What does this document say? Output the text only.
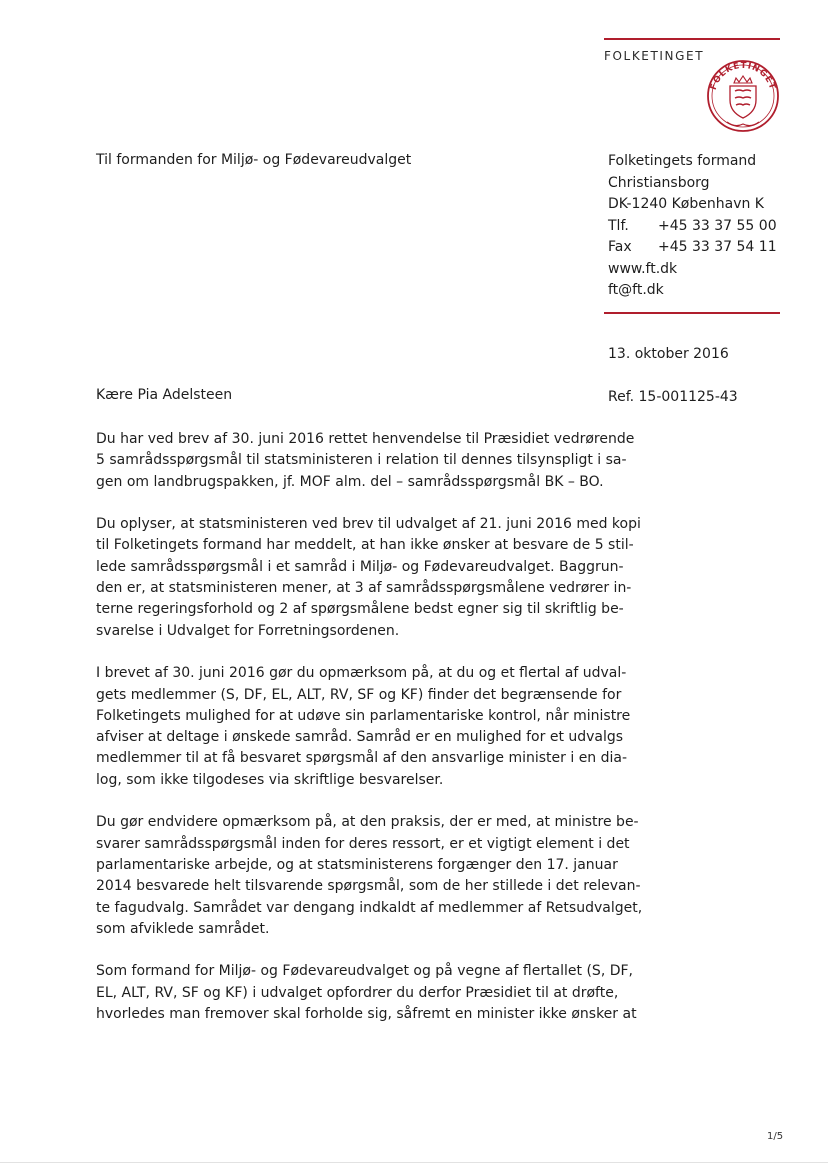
FOLKETINGET
FOLKETINGET
Til formanden for Miljø- og Fødevareudvalget	Folketingets formand
Christiansborg
DK-1240 København K
Tlf. +45 33 37 55 00
Fax +45 33 37 54 11
www.ft.dk
ft@ft.dk
13. oktober 2016
Ref. 15-001125-43
Kære Pia Adelsteen

Du har ved brev af 30. juni 2016 rettet henvendelse til Præsidiet vedrørende
5 samrådsspørgsmål til statsministeren i relation til dennes tilsynspligt i sa-
gen om landbrugspakken, jf. MOF alm. del – samrådsspørgsmål BK – BO.

Du oplyser, at statsministeren ved brev til udvalget af 21. juni 2016 med kopi
til Folketingets formand har meddelt, at han ikke ønsker at besvare de 5 stil-
lede samrådsspørgsmål i et samråd i Miljø- og Fødevareudvalget. Baggrun-
den er, at statsministeren mener, at 3 af samrådsspørgsmålene vedrører in-
terne regeringsforhold og 2 af spørgsmålene bedst egner sig til skriftlig be-
svarelse i Udvalget for Forretningsordenen.

I brevet af 30. juni 2016 gør du opmærksom på, at du og et flertal af udval-
gets medlemmer (S, DF, EL, ALT, RV, SF og KF) finder det begrænsende for
Folketingets mulighed for at udøve sin parlamentariske kontrol, når ministre
afviser at deltage i ønskede samråd. Samråd er en mulighed for et udvalgs
medlemmer til at få besvaret spørgsmål af den ansvarlige minister i en dia-
log, som ikke tilgodeses via skriftlige besvarelser.

Du gør endvidere opmærksom på, at den praksis, der er med, at ministre be-
svarer samrådsspørgsmål inden for deres ressort, er et vigtigt element i det
parlamentariske arbejde, og at statsministerens forgænger den 17. januar
2014 besvarede helt tilsvarende spørgsmål, som de her stillede i det relevan-
te fagudvalg. Samrådet var dengang indkaldt af medlemmer af Retsudvalget,
som afviklede samrådet.

Som formand for Miljø- og Fødevareudvalget og på vegne af flertallet (S, DF,
EL, ALT, RV, SF og KF) i udvalget opfordrer du derfor Præsidiet til at drøfte,
hvorledes man fremover skal forholde sig, såfremt en minister ikke ønsker at

1/5
